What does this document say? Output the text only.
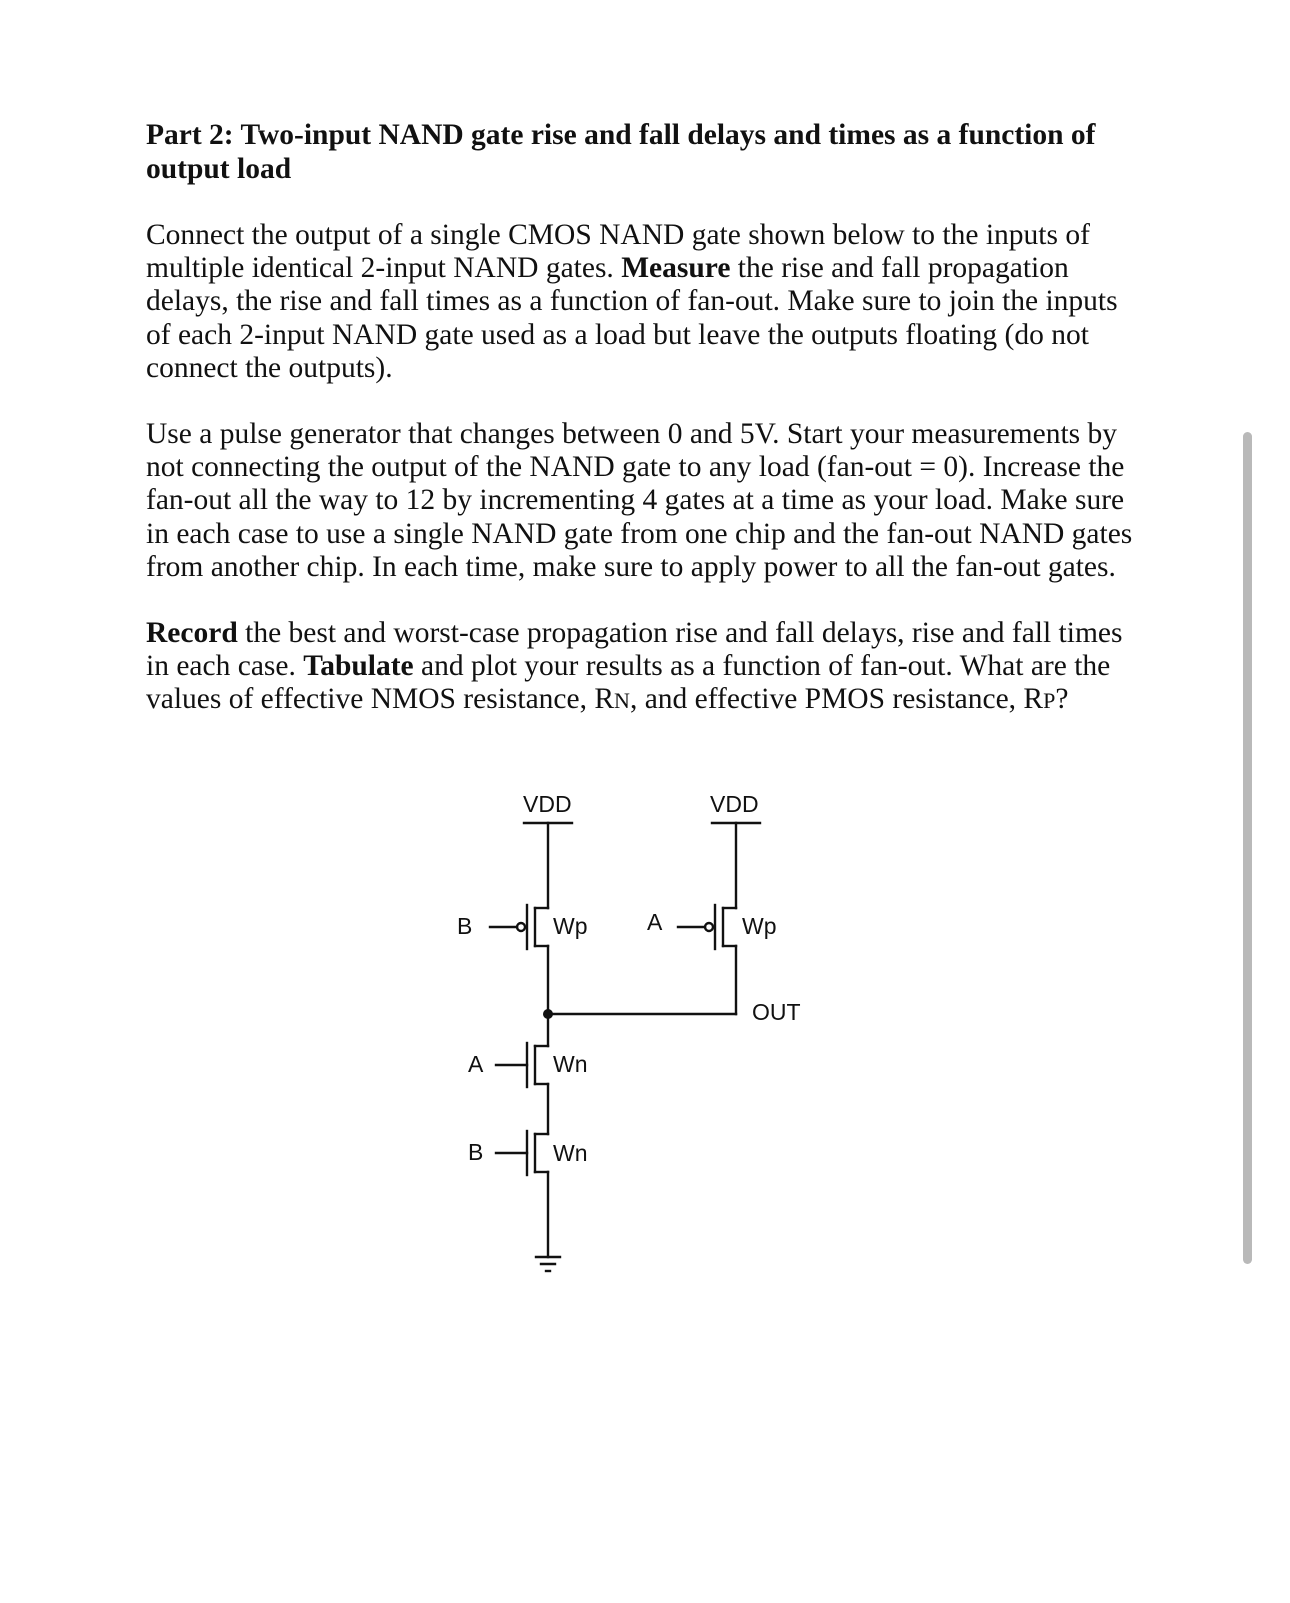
Part 2: Two-input NAND gate rise and fall delays and times as a function of output load

Connect the output of a single CMOS NAND gate shown below to the inputs of multiple identical 2-input NAND gates. Measure the rise and fall propagation delays, the rise and fall times as a function of fan-out. Make sure to join the inputs of each 2-input NAND gate used as a load but leave the outputs floating (do not connect the outputs).

Use a pulse generator that changes between 0 and 5V. Start your measurements by not connecting the output of the NAND gate to any load (fan-out = 0). Increase the fan-out all the way to 12 by incrementing 4 gates at a time as your load. Make sure in each case to use a single NAND gate from one chip and the fan-out NAND gates from another chip. In each time, make sure to apply power to all the fan-out gates.

Record the best and worst-case propagation rise and fall delays, rise and fall times in each case. Tabulate and plot your results as a function of fan-out. What are the values of effective NMOS resistance, RN, and effective PMOS resistance, RP?

VDD	VDD
B	Wp	A	Wp
OUT
A	Wn
B	Wn
